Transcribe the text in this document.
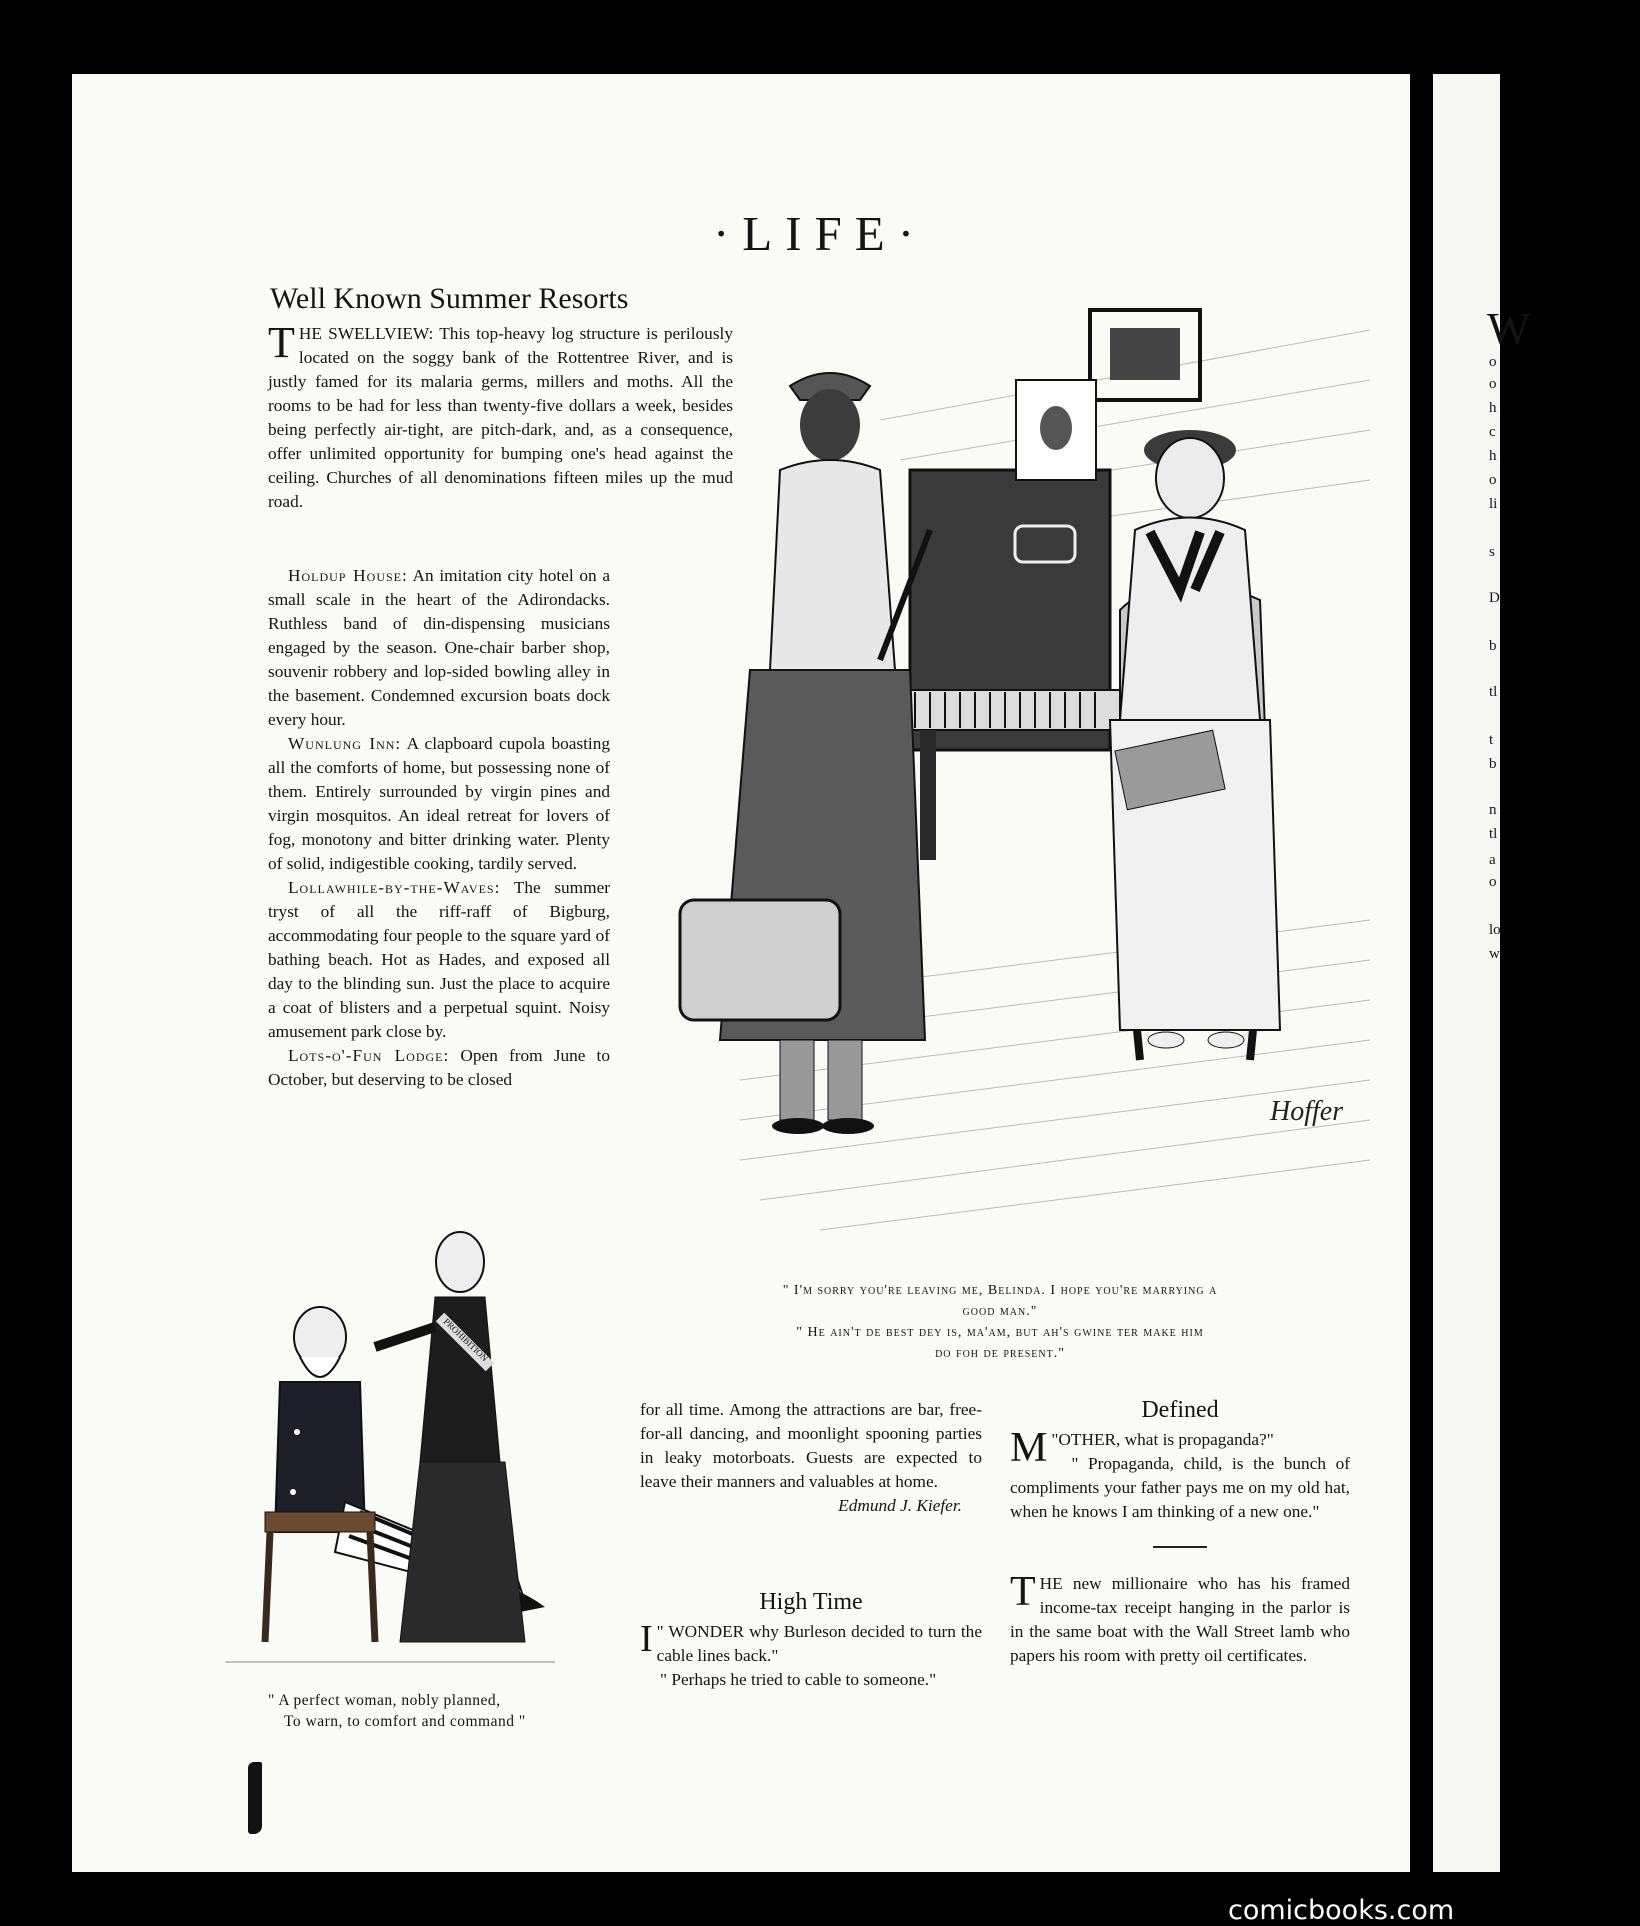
W
o
o
h
c
h
o
li
s
D
b
tl
t
b
n
tl
a
o
lo
w
·LIFE·
Well Known Summer Resorts

THE SWELLVIEW: This top-heavy log structure is perilously located on the soggy bank of the Rottentree River, and is justly famed for its malaria germs, millers and moths. All the rooms to be had for less than twenty-five dollars a week, besides being perfectly air-tight, are pitch-dark, and, as a consequence, offer unlimited opportunity for bumping one's head against the ceiling. Churches of all denominations fifteen miles up the mud road.

Holdup House: An imitation city hotel on a small scale in the heart of the Adirondacks. Ruthless band of din-dispensing musicians engaged by the season. One-chair barber shop, souvenir robbery and lop-sided bowling alley in the basement. Condemned excursion boats dock every hour.

Wunlung Inn: A clapboard cupola boasting all the comforts of home, but possessing none of them. Entirely surrounded by virgin pines and virgin mosquitos. An ideal retreat for lovers of fog, monotony and bitter drinking water. Plenty of solid, indigestible cooking, tardily served.

Lollawhile-by-the-Waves: The summer tryst of all the riff-raff of Bigburg, accommodating four people to the square yard of bathing beach. Hot as Hades, and exposed all day to the blinding sun. Just the place to acquire a coat of blisters and a perpetual squint. Noisy amusement park close by.

Lots-o'-Fun Lodge: Open from June to October, but deserving to be closed

Hoffer
" I'm sorry you're leaving me, Belinda. I hope you're marrying a
good man."
" He ain't de best dey is, ma'am, but ah's gwine ter make him
do foh de present."
PROHIBITION
" A perfect woman, nobly planned,
To warn, to comfort and command "

for all time. Among the attractions are bar, free-for-all dancing, and moonlight spooning parties in leaky motorboats. Guests are expected to leave their manners and valuables at home.

Edmund J. Kiefer.

High Time

"
I WONDER why Burleson decided to turn the cable lines back."

" Perhaps he tried to cable to someone."

Defined

"
M OTHER, what is propaganda?"

" Propaganda, child, is the bunch of compliments your father pays me on my old hat, when he knows I am thinking of a new one."

THE new millionaire who has his framed income-tax receipt hanging in the parlor is in the same boat with the Wall Street lamb who papers his room with pretty oil certificates.

comicbooks.com
